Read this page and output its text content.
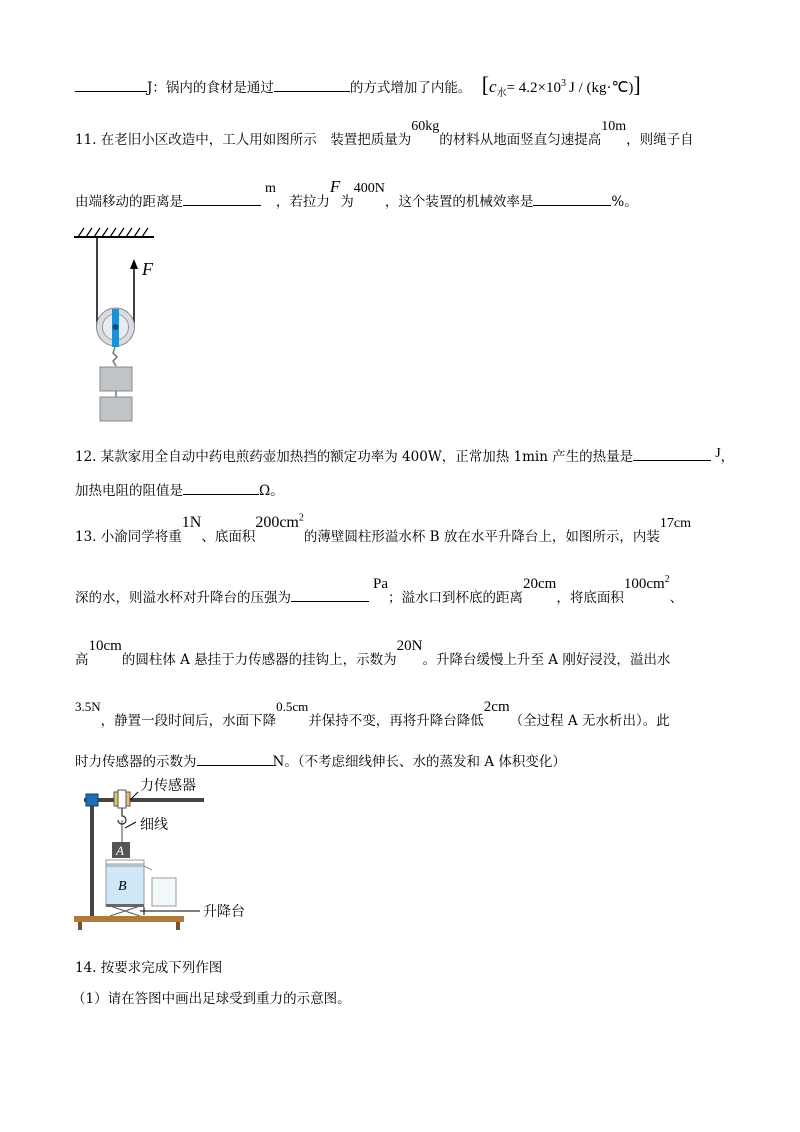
J：锅内的食材是通过	的方式增加了内能。 [$c_水= 4.2\times 10^3$ J / (kg·℃)]
11. 在老旧小区改造中，工人用如图所示　装置把质量为60kg的材料从地面竖直匀速提高10m，则绳子自
由端移动的距离是m，若拉力F为400N，这个装置的机械效率是	%。
F
12. 某款家用全自动中药电煎药壶加热挡的额定功率为 400W，正常加热 1min 产生的热量是	J，
加热电阻的阻值是	Ω。
13. 小渝同学将重1N、底面积$200cm^2$的薄壁圆柱形溢水杯 B 放在水平升降台上，如图所示，内装17cm
深的水，则溢水杯对升降台的压强为Pa；溢水口到杯底的距离20cm，将底面积$100cm^2$、
高10cm的圆柱体 A 悬挂于力传感器的挂钩上，示数为20N。升降台缓慢上升至 A 刚好浸没，溢出水
3.5N，静置一段时间后，水面下降0.5cm并保持不变，再将升降台降低2cm（全过程 A 无水析出）。此
时力传感器的示数为	N。（不考虑细线伸长、水的蒸发和 A 体积变化）
力传感器
细线
A
B
升降台
14. 按要求完成下列作图
（1）请在答图中画出足球受到重力的示意图。
